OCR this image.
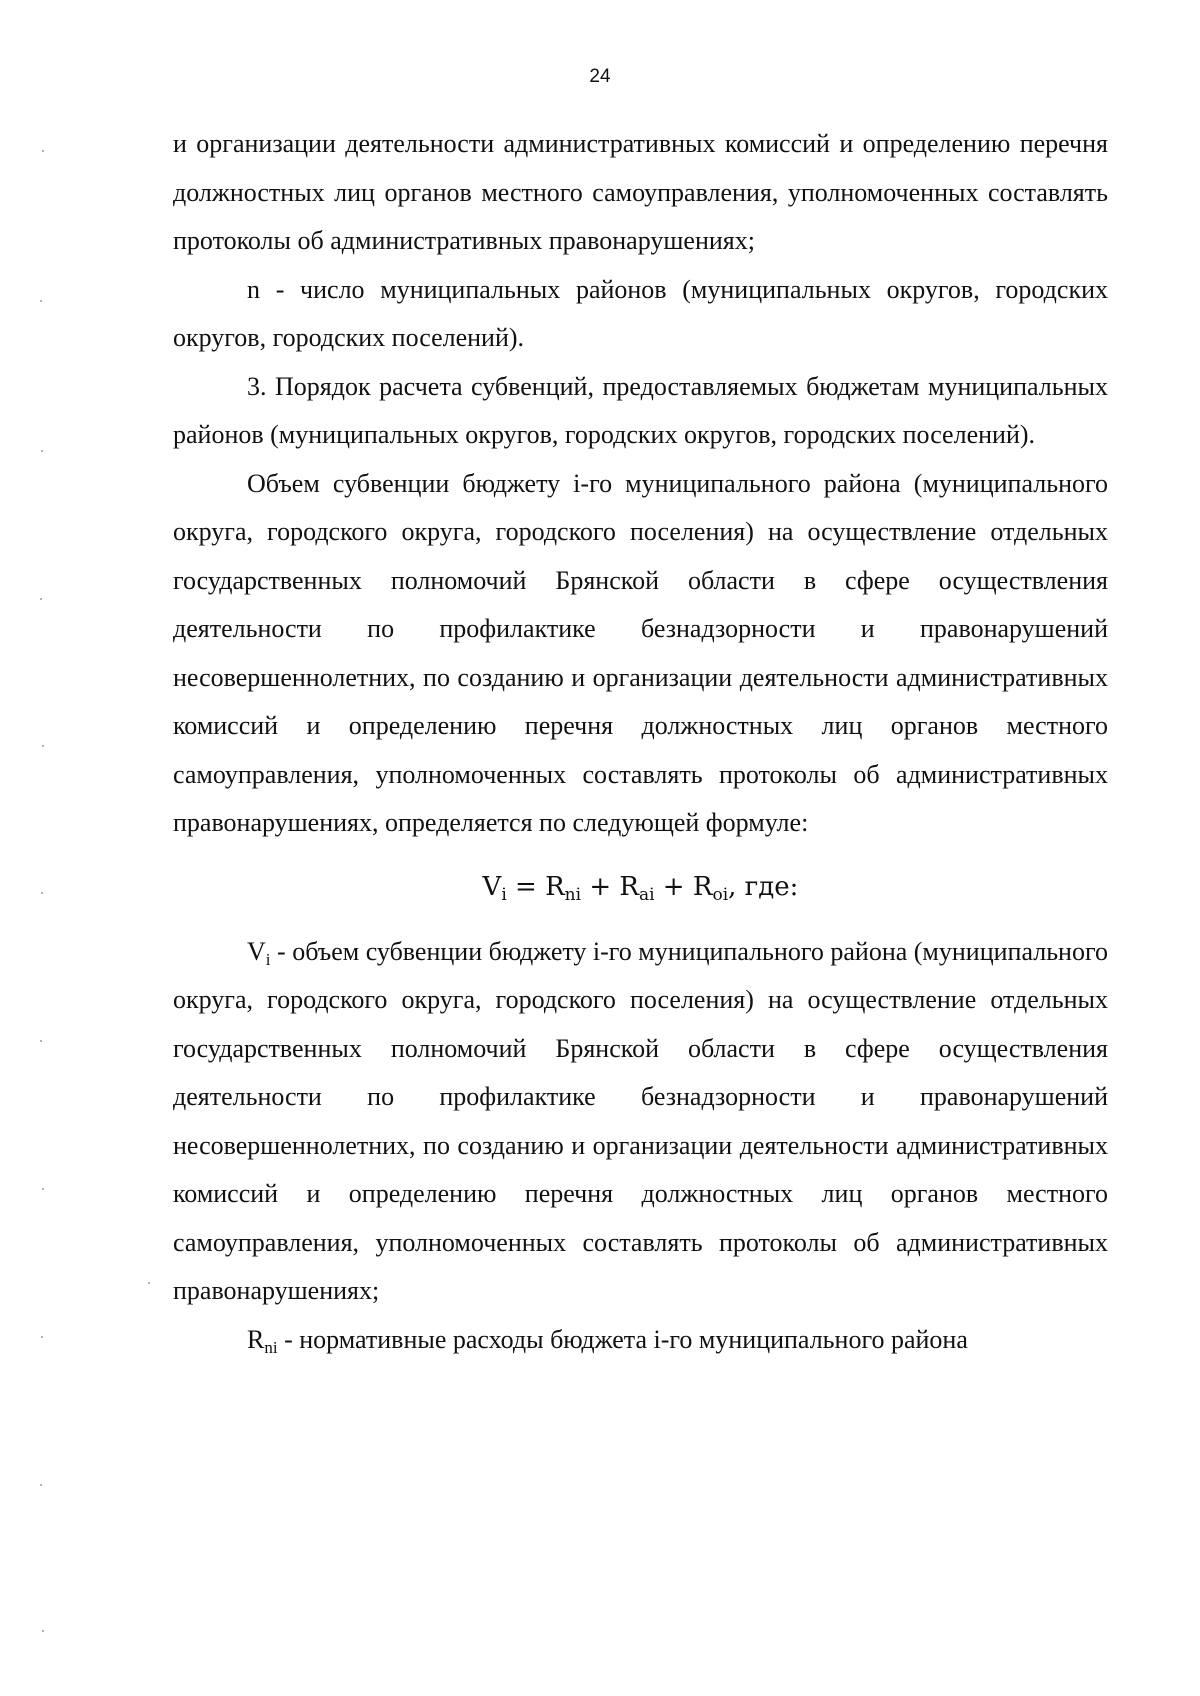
24

и организации деятельности административных комиссий и определению перечня должностных лиц органов местного самоуправления, уполномоченных составлять протоколы об административных правонарушениях;

n - число муниципальных районов (муниципальных округов, городских округов, городских поселений).

3. Порядок расчета субвенций, предоставляемых бюджетам муниципальных районов (муниципальных округов, городских округов, городских поселений).

Объем субвенции бюджету i-го муниципального района (муниципального округа, городского округа, городского поселения) на осуществление отдельных государственных полномочий Брянской области в сфере осуществления деятельности по профилактике безнадзорности и правонарушений несовершеннолетних, по созданию и организации деятельности административных комиссий и определению перечня должностных лиц органов местного самоуправления, уполномоченных составлять протоколы об административных правонарушениях, определяется по следующей формуле:

$V_i = R_{ni} + R_{ai} + R_{oi}$, где:

$V_i$ - объем субвенции бюджету i-го муниципального района (муниципального округа, городского округа, городского поселения) на осуществление отдельных государственных полномочий Брянской области в сфере осуществления деятельности по профилактике безнадзорности и правонарушений несовершеннолетних, по созданию и организации деятельности административных комиссий и определению перечня должностных лиц органов местного самоуправления, уполномоченных составлять протоколы об административных правонарушениях;

$R_{ni}$ - нормативные расходы бюджета i-го муниципального района
